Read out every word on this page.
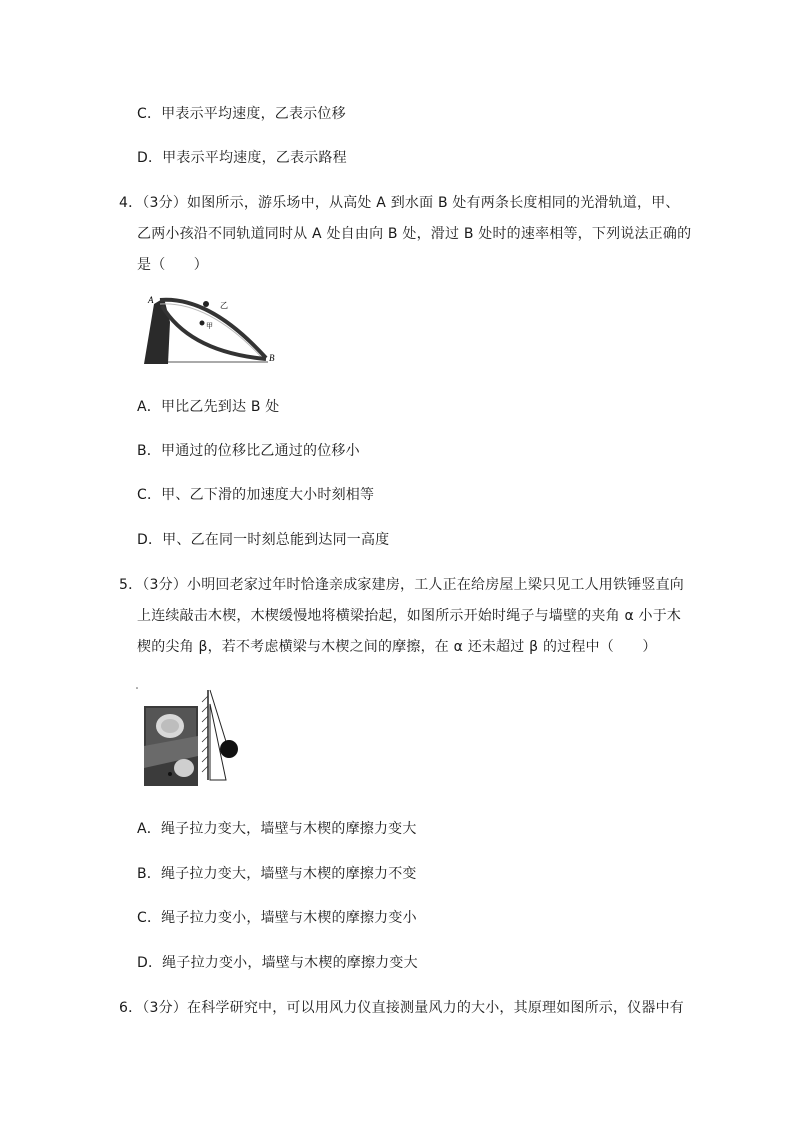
C．甲表示平均速度，乙表示位移
D．甲表示平均速度，乙表示路程
4．（3分）如图所示，游乐场中，从高处 A 到水面 B 处有两条长度相同的光滑轨道，甲、
乙两小孩沿不同轨道同时从 A 处自由向 B 处，滑过 B 处时的速率相等，下列说法正确的
是（　　）
A
B
乙
甲
A．甲比乙先到达 B 处
B．甲通过的位移比乙通过的位移小
C．甲、乙下滑的加速度大小时刻相等
D．甲、乙在同一时刻总能到达同一高度
5．（3分）小明回老家过年时恰逢亲成家建房，工人正在给房屋上梁只见工人用铁锤竖直向
上连续敲击木楔，木楔缓慢地将横梁抬起，如图所示开始时绳子与墙壁的夹角 α 小于木
楔的尖角 β，若不考虑横梁与木楔之间的摩擦，在 α 还未超过 β 的过程中（　　）
A．绳子拉力变大，墙壁与木楔的摩擦力变大
B．绳子拉力变大，墙壁与木楔的摩擦力不变
C．绳子拉力变小，墙壁与木楔的摩擦力变小
D．绳子拉力变小，墙壁与木楔的摩擦力变大
6．（3分）在科学研究中，可以用风力仪直接测量风力的大小，其原理如图所示，仪器中有
